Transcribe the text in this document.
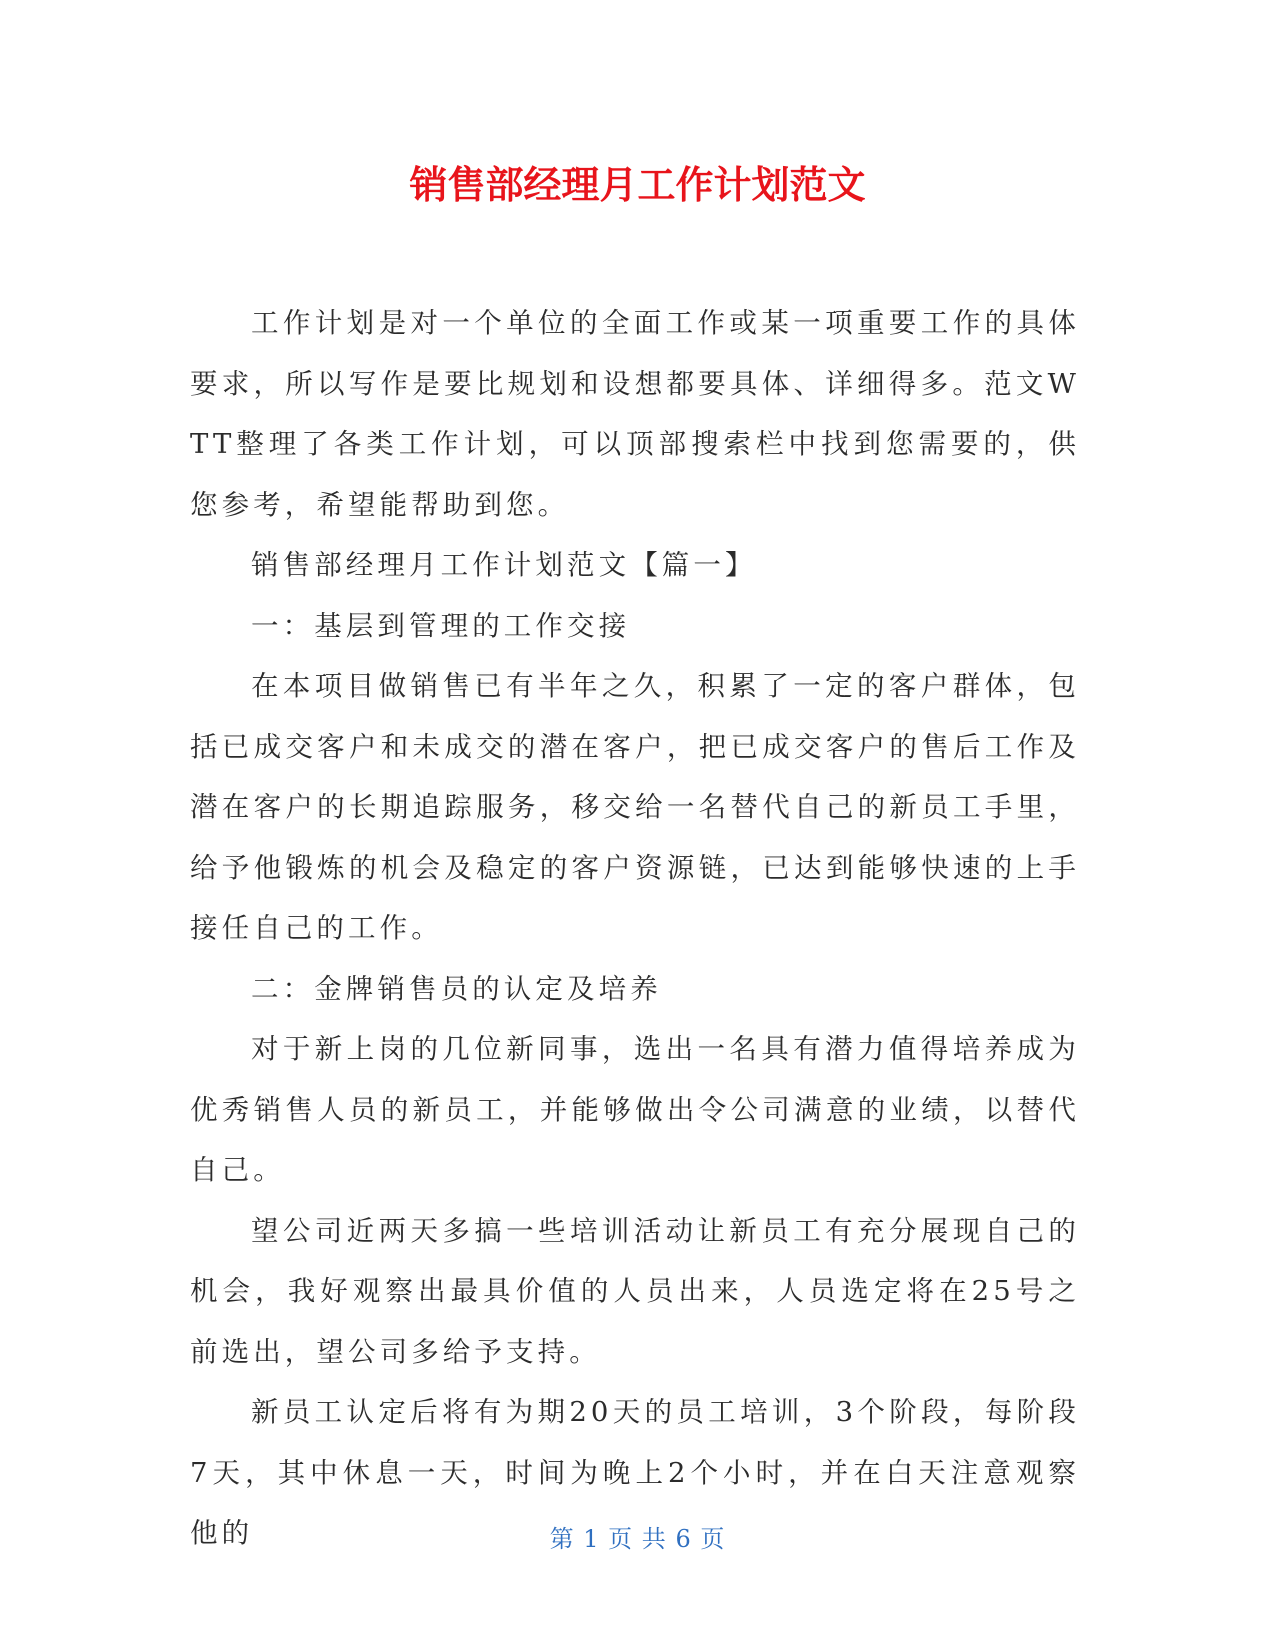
销售部经理月工作计划范文

工作计划是对一个单位的全面工作或某一项重要工作的具体要求，所以写作是要比规划和设想都要具体、详细得多。范文WTT整理了各类工作计划，可以顶部搜索栏中找到您需要的，供您参考，希望能帮助到您。

销售部经理月工作计划范文【篇一】

一：基层到管理的工作交接

在本项目做销售已有半年之久，积累了一定的客户群体，包括已成交客户和未成交的潜在客户，把已成交客户的售后工作及潜在客户的长期追踪服务，移交给一名替代自己的新员工手里，给予他锻炼的机会及稳定的客户资源链，已达到能够快速的上手接任自己的工作。

二：金牌销售员的认定及培养

对于新上岗的几位新同事，选出一名具有潜力值得培养成为优秀销售人员的新员工，并能够做出令公司满意的业绩，以替代自己。

望公司近两天多搞一些培训活动让新员工有充分展现自己的机会，我好观察出最具价值的人员出来，人员选定将在25号之前选出，望公司多给予支持。

新员工认定后将有为期20天的员工培训，3个阶段，每阶段7天，其中休息一天，时间为晚上2个小时，并在白天注意观察他的	第 1 页 共 6 页
